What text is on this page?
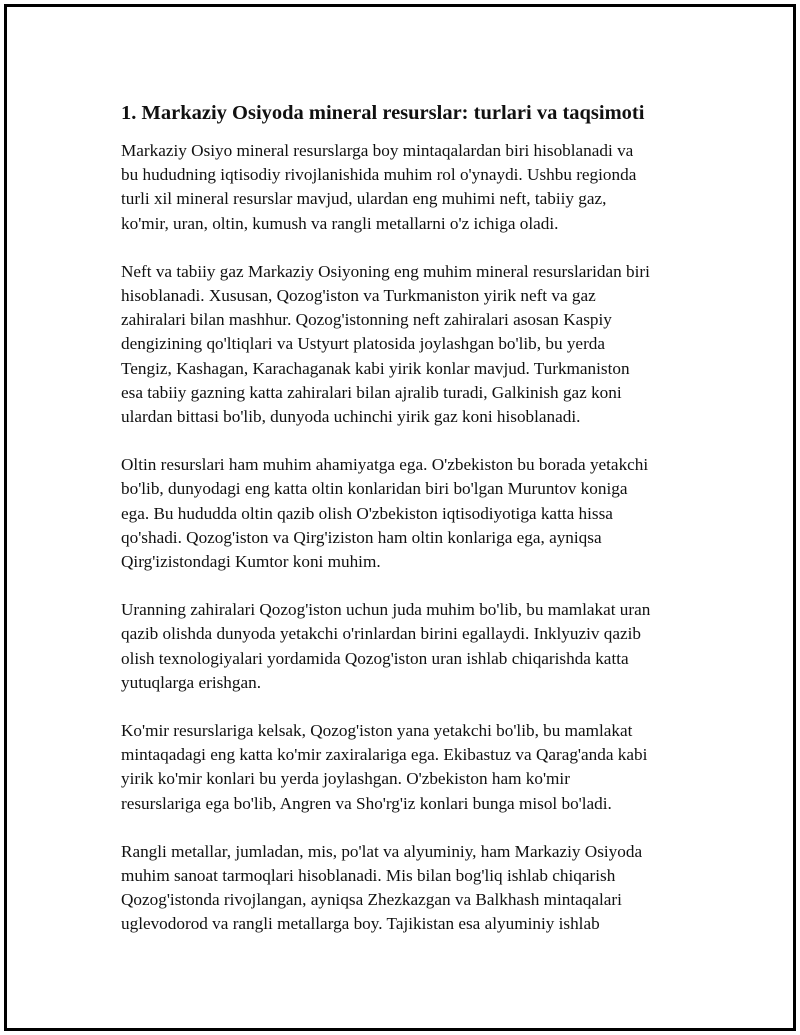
1. Markaziy Osiyoda mineral resurslar: turlari va taqsimoti

Markaziy Osiyo mineral resurslarga boy mintaqalardan biri hisoblanadi va
bu hududning iqtisodiy rivojlanishida muhim rol o'ynaydi. Ushbu regionda
turli xil mineral resurslar mavjud, ulardan eng muhimi neft, tabiiy gaz,
ko'mir, uran, oltin, kumush va rangli metallarni o'z ichiga oladi.

Neft va tabiiy gaz Markaziy Osiyoning eng muhim mineral resurslaridan biri
hisoblanadi. Xususan, Qozog'iston va Turkmaniston yirik neft va gaz
zahiralari bilan mashhur. Qozog'istonning neft zahiralari asosan Kaspiy
dengizining qo'ltiqlari va Ustyurt platosida joylashgan bo'lib, bu yerda
Tengiz, Kashagan, Karachaganak kabi yirik konlar mavjud. Turkmaniston
esa tabiiy gazning katta zahiralari bilan ajralib turadi, Galkinish gaz koni
ulardan bittasi bo'lib, dunyoda uchinchi yirik gaz koni hisoblanadi.

Oltin resurslari ham muhim ahamiyatga ega. O'zbekiston bu borada yetakchi
bo'lib, dunyodagi eng katta oltin konlaridan biri bo'lgan Muruntov koniga
ega. Bu hududda oltin qazib olish O'zbekiston iqtisodiyotiga katta hissa
qo'shadi. Qozog'iston va Qirg'iziston ham oltin konlariga ega, ayniqsa
Qirg'izistondagi Kumtor koni muhim.

Uranning zahiralari Qozog'iston uchun juda muhim bo'lib, bu mamlakat uran
qazib olishda dunyoda yetakchi o'rinlardan birini egallaydi. Inklyuziv qazib
olish texnologiyalari yordamida Qozog'iston uran ishlab chiqarishda katta
yutuqlarga erishgan.

Ko'mir resurslariga kelsak, Qozog'iston yana yetakchi bo'lib, bu mamlakat
mintaqadagi eng katta ko'mir zaxiralariga ega. Ekibastuz va Qarag'anda kabi
yirik ko'mir konlari bu yerda joylashgan. O'zbekiston ham ko'mir
resurslariga ega bo'lib, Angren va Sho'rg'iz konlari bunga misol bo'ladi.

Rangli metallar, jumladan, mis, po'lat va alyuminiy, ham Markaziy Osiyoda
muhim sanoat tarmoqlari hisoblanadi. Mis bilan bog'liq ishlab chiqarish
Qozog'istonda rivojlangan, ayniqsa Zhezkazgan va Balkhash mintaqalari
uglevodorod va rangli metallarga boy. Tajikistan esa alyuminiy ishlab
